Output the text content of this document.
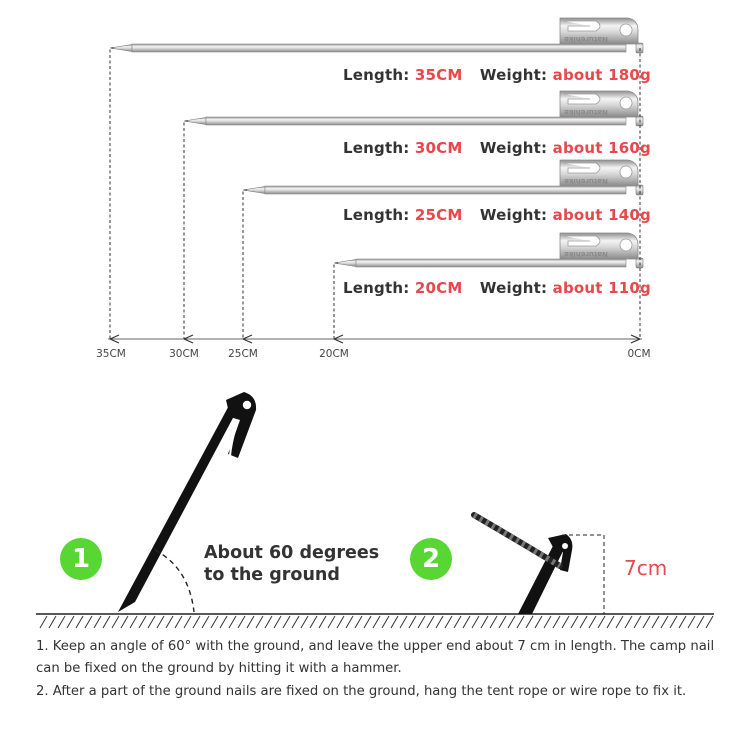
Naturehike
Naturehike
Naturehike
Naturehike
Length: 35CM Weight: about 180g
Length: 30CM Weight: about 160g
Length: 25CM Weight: about 140g
Length: 20CM Weight: about 110g
35CM	30CM	25CM	20CM	0CM
1	2
About 60 degrees
to the ground	7cm
1. Keep an angle of 60° with the ground, and leave the upper end about 7 cm in length. The camp nail can be fixed on the ground by hitting it with a hammer.
2. After a part of the ground nails are fixed on the ground, hang the tent rope or wire rope to fix it.
